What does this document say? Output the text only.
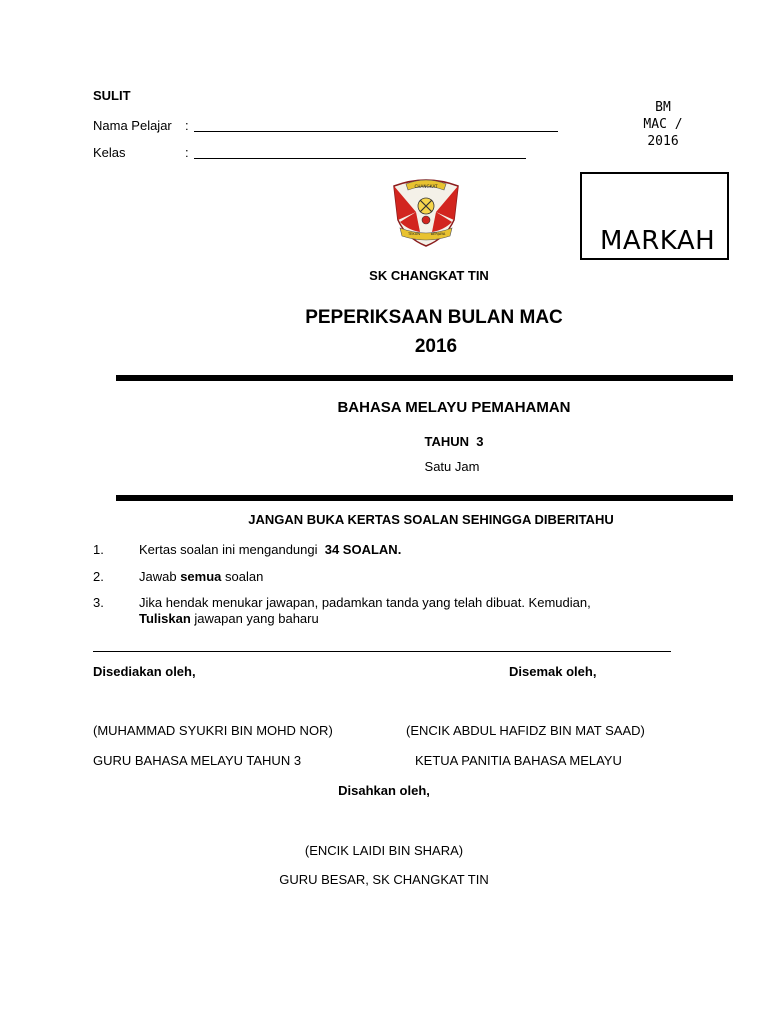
SULIT
Nama Pelajar :
Kelas	:
BM
MAC /
2016
MARKAH
CHANGKAT
TEKUN	BERJAYA
SK CHANGKAT TIN
PEPERIKSAAN BULAN MAC
2016
BAHASA MELAYU PEMAHAMAN
TAHUN  3
Satu Jam
JANGAN BUKA KERTAS SOALAN SEHINGGA DIBERITAHU
1.	Kertas soalan ini mengandungi  34 SOALAN.
2.	Jawab semua soalan
3.	Jika hendak menukar jawapan, padamkan tanda yang telah dibuat. Kemudian,
Tuliskan jawapan yang baharu
Disediakan oleh,	Disemak oleh,
(MUHAMMAD SYUKRI BIN MOHD NOR)	(ENCIK ABDUL HAFIDZ BIN MAT SAAD)
GURU BAHASA MELAYU TAHUN 3	KETUA PANITIA BAHASA MELAYU
Disahkan oleh,
(ENCIK LAIDI BIN SHARA)
GURU BESAR, SK CHANGKAT TIN
